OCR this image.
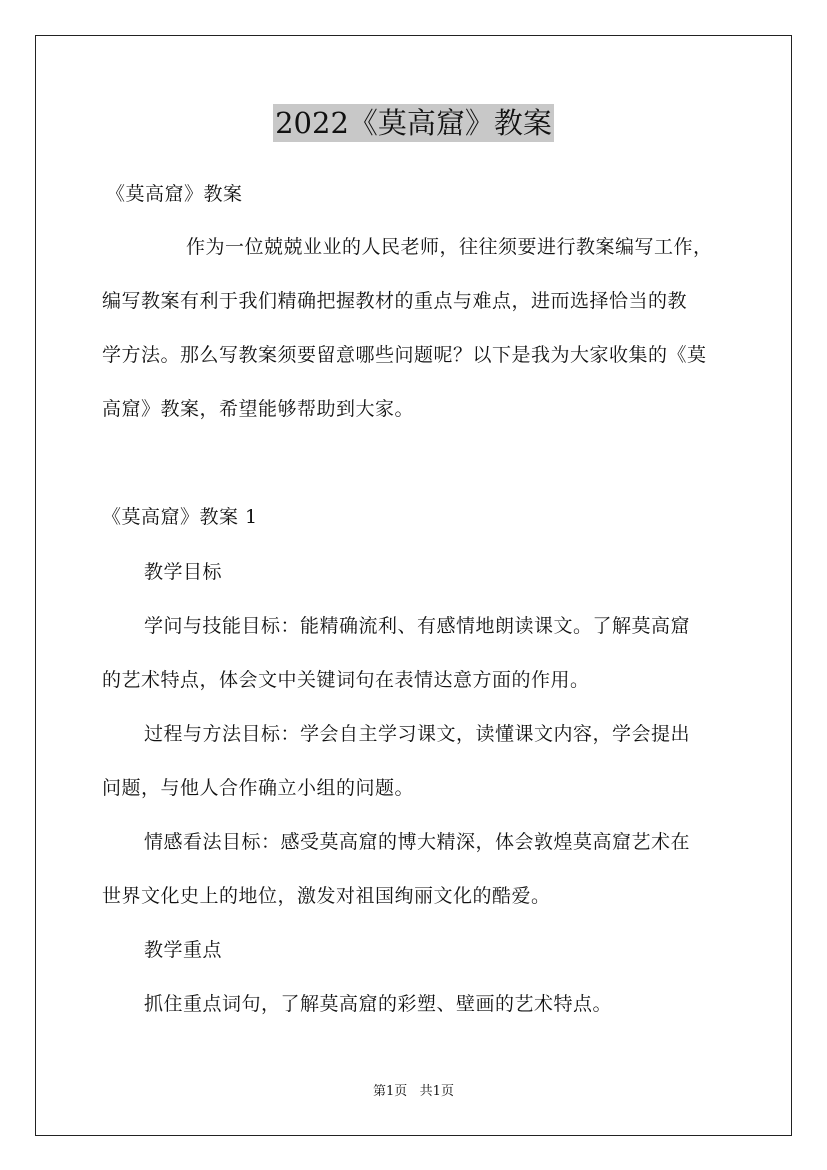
2022《莫高窟》教案
《莫高窟》教案
作为一位兢兢业业的人民老师，往往须要进行教案编写工作，
编写教案有利于我们精确把握教材的重点与难点，进而选择恰当的教
学方法。那么写教案须要留意哪些问题呢？以下是我为大家收集的《莫
高窟》教案，希望能够帮助到大家。
《莫高窟》教案 1
教学目标
学问与技能目标：能精确流利、有感情地朗读课文。了解莫高窟
的艺术特点，体会文中关键词句在表情达意方面的作用。
过程与方法目标：学会自主学习课文，读懂课文内容，学会提出
问题，与他人合作确立小组的问题。
情感看法目标：感受莫高窟的博大精深，体会敦煌莫高窟艺术在
世界文化史上的地位，激发对祖国绚丽文化的酷爱。
教学重点
抓住重点词句，了解莫高窟的彩塑、壁画的艺术特点。
第1页   共1页
